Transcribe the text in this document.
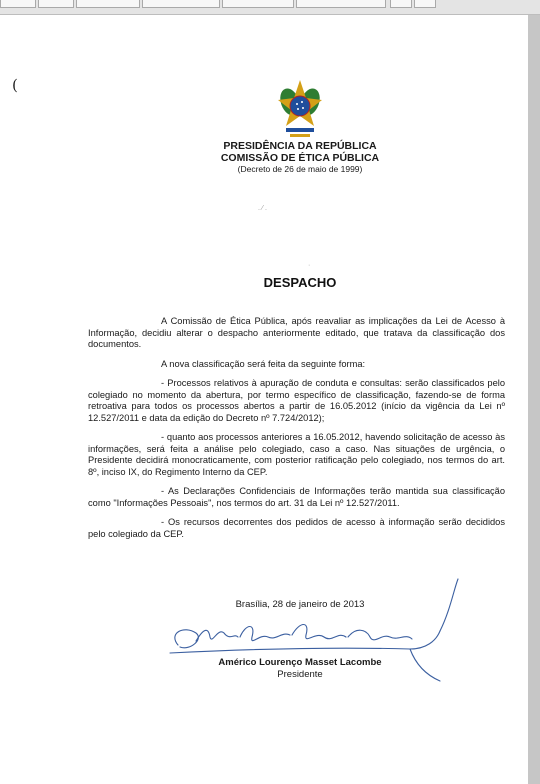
(
PRESIDÊNCIA DA REPÚBLICA
COMISSÃO DE ÉTICA PÚBLICA
(Decreto de 26 de maio de 1999)
. ⁄ .
·
DESPACHO

A Comissão de Ética Pública, após reavaliar as implicações da Lei de Acesso à Informação, decidiu alterar o despacho anteriormente editado, que tratava da classificação dos documentos.

A nova classificação será feita da seguinte forma:

- Processos relativos à apuração de conduta e consultas: serão classificados pelo colegiado no momento da abertura, por termo específico de classificação, fazendo-se de forma retroativa para todos os processos abertos a partir de 16.05.2012 (início da vigência da Lei nº 12.527/2011 e data da edição do Decreto nº 7.724/2012);

- quanto aos processos anteriores a 16.05.2012, havendo solicitação de acesso às informações, será feita a análise pelo colegiado, caso a caso. Nas situações de urgência, o Presidente decidirá monocraticamente, com posterior ratificação pelo colegiado, nos termos do art. 8º, inciso IX, do Regimento Interno da CEP.

- As Declarações Confidenciais de Informações terão mantida sua classificação como "Informações Pessoais", nos termos do art. 31 da Lei nº 12.527/2011.

- Os recursos decorrentes dos pedidos de acesso à informação serão decididos pelo colegiado da CEP.

Brasília, 28 de janeiro de 2013
Américo Lourenço Masset Lacombe
Presidente
